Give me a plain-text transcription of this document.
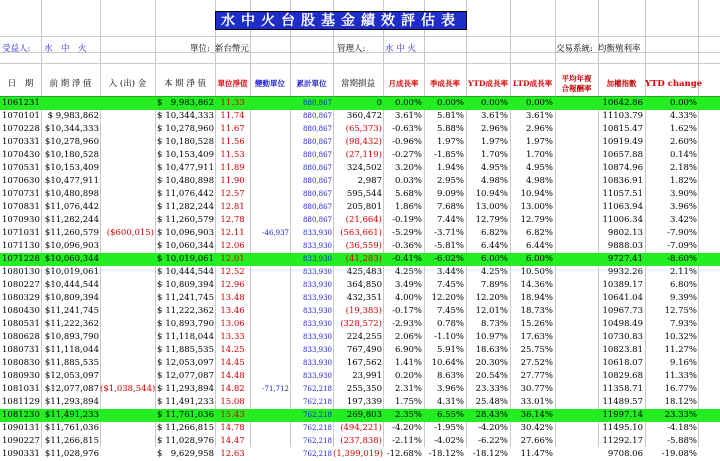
水中火台股基金績效評估表
受益人: 水　中　火	單位: 新台幣元	管理人: 水 中 火	交易系統: 均衡殖利率
日　期	前 期 淨 值	入 (出) 金	本 期 淨 值	單位淨值	變動單位	累計單位	當期損益	月成長率	季成長率	YTD成長率 LTD成長率
平均年複
合報酬率
加權指數 YTD change
1061231	$ 9,983,862 11.33	880,867	0	0.00%	0.00%	0.00%	0.00%	10642.86	0.00%
1070101 $ 9,983,862	$ 10,344,333 11.74	880,867	360,472	3.61%	5.81%	3.61%	3.61%	11103.79	4.33%
1070228 $10,344,333	$ 10,278,960 11.67	880,867	(65,373)	-0.63%	5.88%	2.96%	2.96%	10815.47	1.62%
1070331 $10,278,960	$ 10,180,528 11.56	880,867	(98,432)	-0.96%	1.97%	1.97%	1.97%	10919.49	2.60%
1070430 $10,180,528	$ 10,153,409 11.53	880,867	(27,119)	-0.27%	-1.85%	1.70%	1.70%	10657.88	0.14%
1070531 $10,153,409	$ 10,477,911 11.89	880,867	324,502	3.20%	1.94%	4.95%	4.95%	10874.96	2.18%
1070630 $10,477,911	$ 10,480,898 11.90	880,867	2,987	0.03%	2.95%	4.98%	4.98%	10836.91	1.82%
1070731 $10,480,898	$ 11,076,442 12.57	880,867	595,544	5.68%	9.09%	10.94%	10.94%	11057.51	3.90%
1070831 $11,076,442	$ 11,282,244 12.81	880,867	205,801	1.86%	7.68%	13.00%	13.00%	11063.94	3.96%
1070930 $11,282,244	$ 11,260,579 12.78	880,867	(21,664)	-0.19%	7.44%	12.79%	12.79%	11006.34	3.42%
1071031 $11,260,579 ($600,015) $ 10,096,903 12.11	-46,937	833,930 (563,661)	-5.29%	-3.71%	6.82%	6.82%	9802.13	-7.90%
1071130 $10,096,903	$ 10,060,344 12.06	833,930	(36,559)	-0.36%	-5.81%	6.44%	6.44%	9888.03	-7.09%
1071228 $10,060,344	$ 10,019,061 12.01	833,930	(41,283)	-0.41%	-6.02%	6.00%	6.00%	9727.41	-8.60%
1080130 $10,019,061	$ 10,444,544 12.52	833,930	425,483	4.25%	3.44%	4.25%	10.50%	9932.26	2.11%
1080227 $10,444,544	$ 10,809,394 12.96	833,930	364,850	3.49%	7.45%	7.89%	14.36%	10389.17	6.80%
1080329 $10,809,394	$ 11,241,745 13.48	833,930	432,351	4.00%	12.20%	12.20%	18.94%	10641.04	9.39%
1080430 $11,241,745	$ 11,222,362 13.46	833,930	(19,383)	-0.17%	7.45%	12.01%	18.73%	10967.73	12.75%
1080531 $11,222,362	$ 10,893,790 13.06	833,930 (328,572)	-2.93%	0.78%	8.73%	15.26%	10498.49	7.93%
1080628 $10,893,790	$ 11,118,044 13.33	833,930	224,255	2.06%	-1.10%	10.97%	17.63%	10730.83	10.32%
1080731 $11,118,044	$ 11,885,535 14.25	833,930	767,490	6.90%	5.91%	18.63%	25.75%	10823.81	11.27%
1080830 $11,885,535	$ 12,053,097 14.45	833,930	167,562	1.41%	10.64%	20.30%	27.52%	10618.07	9.16%
1080930 $12,053,097	$ 12,077,087 14.48	833,930	23,991	0.20%	8.63%	20.54%	27.77%	10829.68	11.33%
1081031 $12,077,087 ($1,038,544) $ 11,293,894 14.82	-71,712	762,218	255,350	2.31%	3.96%	23.33%	30.77%	11358.71	16.77%
1081129 $11,293,894	$ 11,491,233 15.08	762,218	197,339	1.75%	4.31%	25.48%	33.01%	11489.57	18.12%
1081230 $11,491,233	$ 11,761,036 15.43	762,218	269,803	2.35%	6.55%	28.43%	36.14%	11997.14	23.33%
1090131 $11,761,036	$ 11,266,815 14.78	762,218 (494,221)	-4.20%	-1.95%	-4.20%	30.42%	11495.10	-4.18%
1090227 $11,266,815	$ 11,028,976 14.47	762,218 (237,838)	-2.11%	-4.02%	-6.22%	27.66%	11292.17	-5.88%
1090331 $11,028,976	$ 9,629,958 12.63	762,218 (1,399,019) -12.68% -18.12%	-18.12%	11.47%	9708.06	-19.08%
